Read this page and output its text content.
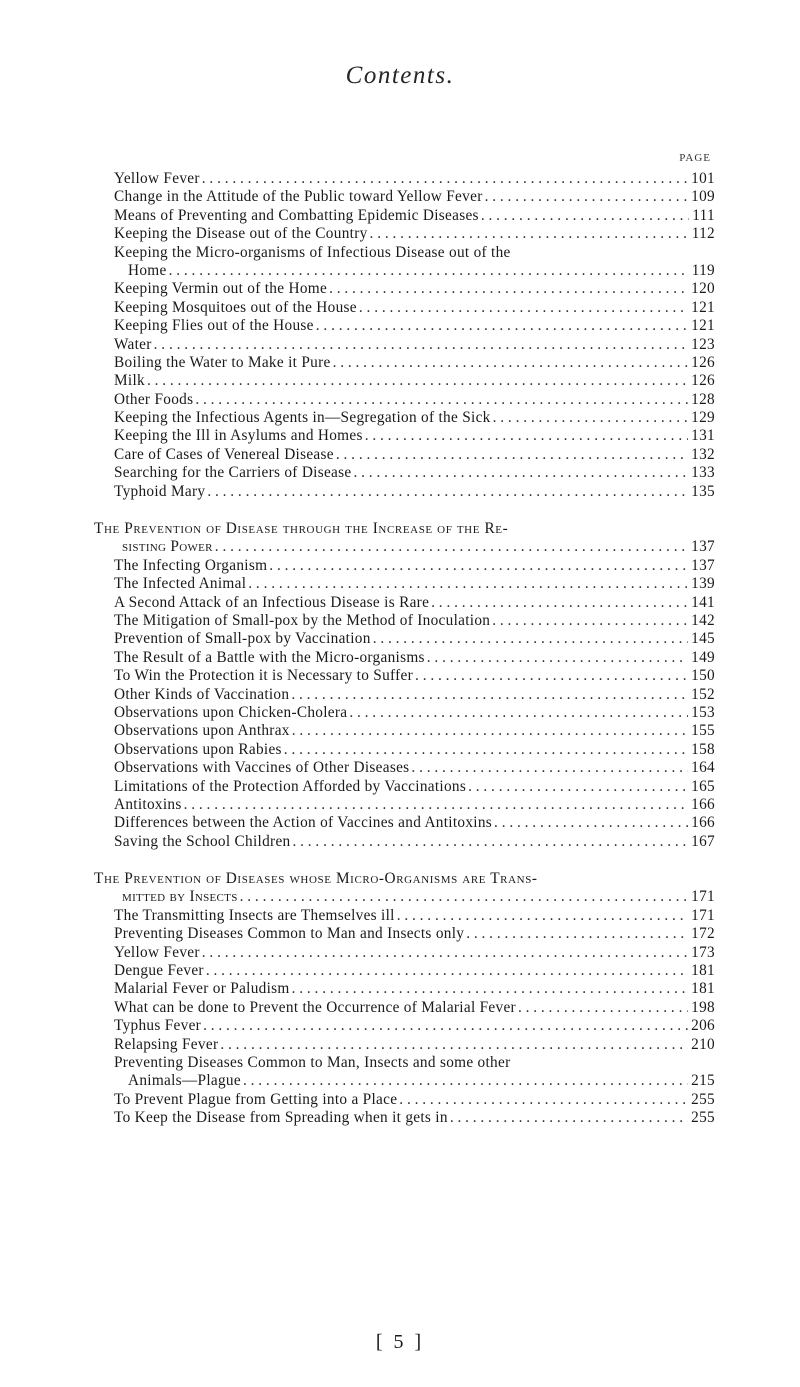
Contents.
PAGE
Yellow Fever . . .	101
Change in the Attitude of the Public toward Yellow Fever . . .	109
Means of Preventing and Combatting Epidemic Diseases . . .	111
Keeping the Disease out of the Country . . .	112
Keeping the Micro-organisms of Infectious Disease out of the
Home . . .	119
Keeping Vermin out of the Home . . .	120
Keeping Mosquitoes out of the House . . .	121
Keeping Flies out of the House . . .	121
Water . . .	123
Boiling the Water to Make it Pure . . .	126
Milk . . .	126
Other Foods . . .	128
Keeping the Infectious Agents in—Segregation of the Sick . . .	129
Keeping the Ill in Asylums and Homes . . .	131
Care of Cases of Venereal Disease . . .	132
Searching for the Carriers of Disease . . .	133
Typhoid Mary . . .	135
The Prevention of Disease through the Increase of the Re-
sisting Power . . .	137
The Infecting Organism . . .	137
The Infected Animal . . .	139
A Second Attack of an Infectious Disease is Rare . . .	141
The Mitigation of Small-pox by the Method of Inoculation . . .	142
Prevention of Small-pox by Vaccination . . .	145
The Result of a Battle with the Micro-organisms . . .	149
To Win the Protection it is Necessary to Suffer . . .	150
Other Kinds of Vaccination . . .	152
Observations upon Chicken-Cholera . . .	153
Observations upon Anthrax . . .	155
Observations upon Rabies . . .	158
Observations with Vaccines of Other Diseases . . .	164
Limitations of the Protection Afforded by Vaccinations . . .	165
Antitoxins . . .	166
Differences between the Action of Vaccines and Antitoxins . . .	166
Saving the School Children . . .	167
The Prevention of Diseases whose Micro-Organisms are Trans-
mitted by Insects . . .	171
The Transmitting Insects are Themselves ill . . .	171
Preventing Diseases Common to Man and Insects only . . .	172
Yellow Fever . . .	173
Dengue Fever . . .	181
Malarial Fever or Paludism . . .	181
What can be done to Prevent the Occurrence of Malarial Fever . . .	198
Typhus Fever . . .	206
Relapsing Fever . . .	210
Preventing Diseases Common to Man, Insects and some other
Animals—Plague . . .	215
To Prevent Plague from Getting into a Place . . .	255
To Keep the Disease from Spreading when it gets in . . .	255
[ 5 ]
